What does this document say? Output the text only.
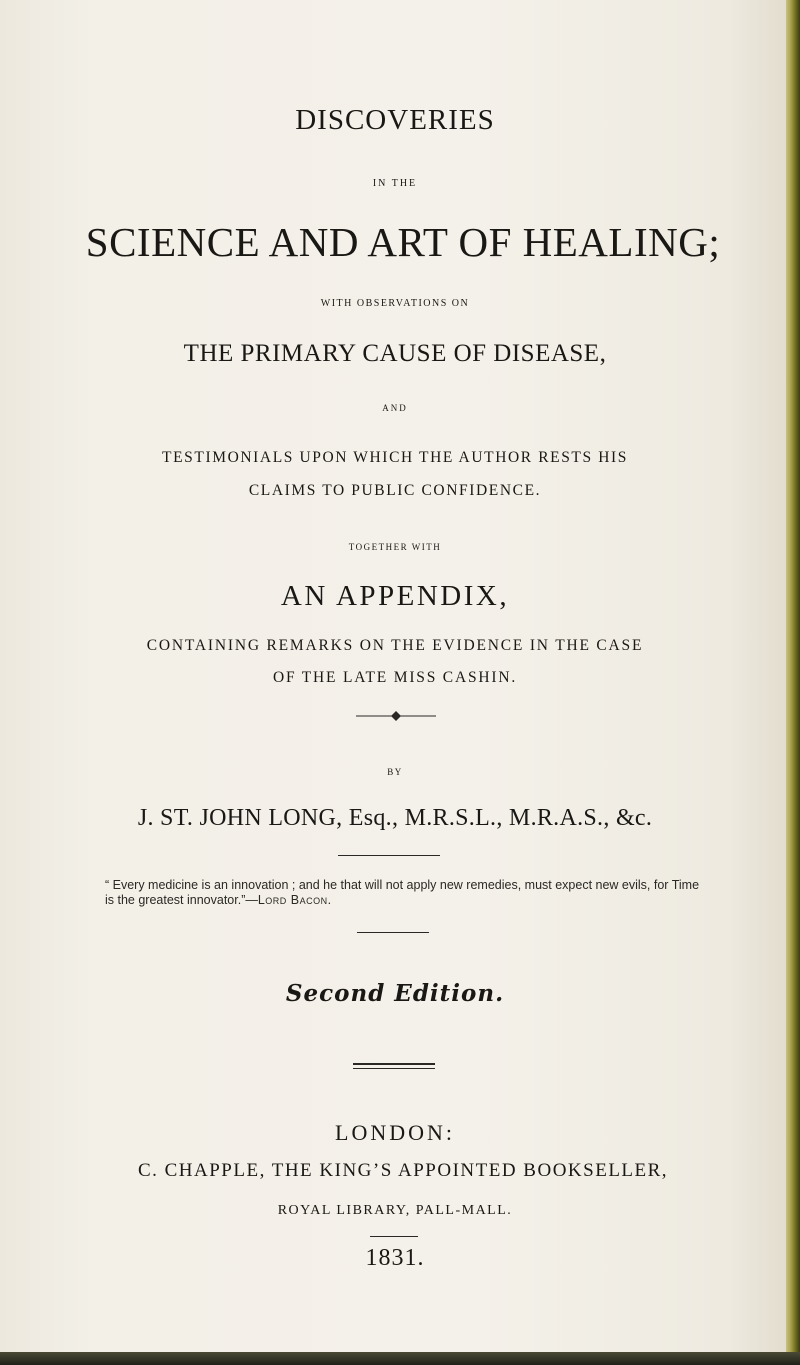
DISCOVERIES
IN THE
SCIENCE AND ART OF HEALING;
WITH OBSERVATIONS ON
THE PRIMARY CAUSE OF DISEASE,
AND
TESTIMONIALS UPON WHICH THE AUTHOR RESTS HIS
CLAIMS TO PUBLIC CONFIDENCE.
TOGETHER WITH
AN APPENDIX,
CONTAINING REMARKS ON THE EVIDENCE IN THE CASE
OF THE LATE MISS CASHIN.
BY
J. ST. JOHN LONG, Esq., M.R.S.L., M.R.A.S., &c.
“ Every medicine is an innovation ; and he that will not apply new remedies, must expect new evils, for Time is the greatest innovator.”—Lord Bacon.
Second Edition.
LONDON:
C. CHAPPLE, THE KING’S APPOINTED BOOKSELLER,
ROYAL LIBRARY, PALL-MALL.
1831.
